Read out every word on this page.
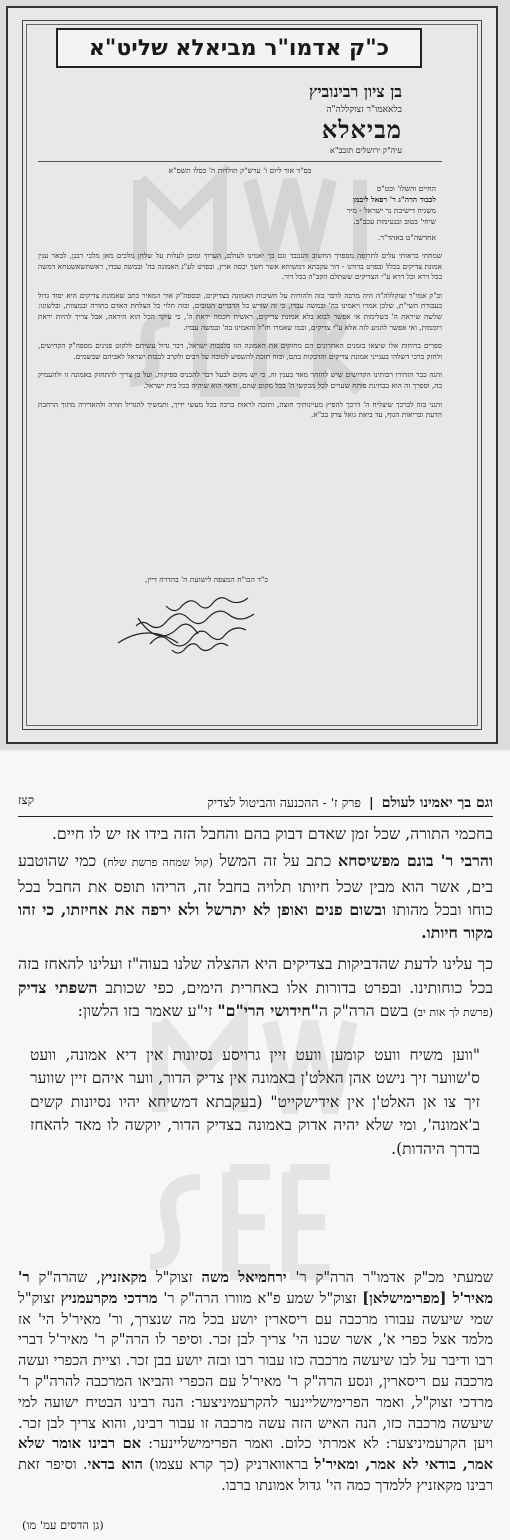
כ"ק אדמו"ר מביאלא שליט"א
בן ציון רבינוביץ
בלאאמו"ר זצוקללה"ה
מביאלא
עיה"ק ירושלים תובב"א
בס"ד אור ליום ו' ערש"ק תולדות ה' כסלו תשס"א
החיים והשלו' וכט"ס
לכבוד הרה"ג ר' רפאל ליבמן
משגיח דישיבת נר ישראל - מיר
שיחי' בטוב ובנעימות עכב"ב.
אחדשה"ט באהד"ר.

שמחתי בראותי עלים לתרופה מספרך החשוב והנכבד וגם בך יאמינו לעולם, הערוך ומוכן לעלות על שלחן מלכים מאן מלכי רבנן, לבאר ענין אמונת צדיקים בכלל ובפרט בדורנו - דור עקבתא דמשיחא אשר חשך יכסה ארץ, ובפרט לע"נ האמונה בה' ובמשה עבדו, ראשתשאשטחא דמשה בכל דרא וכל דרא ע"י הצדיקים ששתלם הקב"ה בכל דור.

וכ"ק אמו"ר זצוקללה"ה היה מרבה לדבר בזה ולהורות על חשיבות האמונה בצדיקים, ובספה"ק אור המאיר כתב שאמונת צדיקים היא יסוד גדול בעבודת השי"ת, שלכן אמרו ויאמינו בה' ובמשה עבדו, כי זה שורש כל הדברים הטובים, ובזה תלוי כל הצלחת האדם בתורה ובמצוות, ובלשונו: שלשה שיראת ה' בשלימות אי אפשר לבוא בלא אמונת צדיקים, ראשית חכמה יראת ה', כי עיקר הכל הוא היראה, אבל צריך להיות יראת רוממות, ואי אפשר להגיע לזה אלא ע"י צדיקים, וכמו שאמרו חז"ל והאמינו בה' ובמשה עבדו.

ספרים ברוחות אלו שיצאו בזמנים האחרונים הם מחזקים את האמונה הזו בלבבות ישראל, דבר גדול עשיתם ללקוט פנינים מספה"ק הקדושים, ולחזק ברכי דשלהי בענייני אמונת צדיקים והדבקות בהם, ובזה תזכה להשפיע לטובה על רבים ולקרב לבבות ישראל לאביהם שבשמים.

והנה כבר הזהירו רבותינו הקדושים שיש להזהר מאד בענין זה, כי יש מקום לבעל דבר להכניס ספיקות, ועל כן צריך להתחזק באמונה זו ולהעמיק בה, וספרך זה הוא בבחינת פותח שערים לכל מבקשי ה' בכל מקום שהם, וראוי הוא שיהיה בכל בית ישראל.

והנני בזה לברכך שיצליח ה' דרכך להפיץ מעיינותיך חוצה, ותזכה לראות ברכה בכל מעשי ידיך, ותמשיך להגדיל תורה ולהאדירה מתוך הרחבת הדעת ובריאות הגוף, עד ביאת גואל צדק בב"א.

כ"ד הכו"ח המצפה לישועת ה' בהדרה דיין,
וגם בך יאמינו לעולם
|
פרק ז' - ההכנעה והביטול לצדיק
קצז

בחכמי התורה, שכל זמן שאדם דבוק בהם והחבל הזה בידו אז יש לו חיים.

והרבי ר' בונם מפשיסחא כתב על זה המשל (קול שמחה פרשת שלח) כמי שהוטבע בים, אשר הוא מבין שכל חיותו תלויה בחבל זה, הריהו תופס את החבל בכל כוחו ובכל מהותו ובשום פנים ואופן לא יתרשל ולא ירפה את אחיזתו, כי זהו מקור חיותו.

כך עלינו לדעת שהדביקות בצדיקים היא ההצלה שלנו בעוה"ז ועלינו להאחז בזה בכל כוחותינו. ובפרט בדורות אלו באחרית הימים, כפי שכותב השפתי צדיק (פרשת לך אות יב) בשם הרה"ק ה"חידושי הרי"ם" זי"ע שאמר בזו הלשון:

"ווען משיח וועט קומען וועט זיין גרויסע נסיונות אין דיא אמונה, וועט ס'שווער זיך נישט אהן האלט'ן באמונה אין צדיק הדור, ווער איהם זיין שווער זיך צו אן האלט'ן אין אידישקייט" (בעקבתא דמשיחא יהיו נסיונות קשים ב'אמונה', ומי שלא יהיה אדוק באמונה בצדיק הדור, יוקשה לו מאד להאחז בדרך היהדות).
שמעתי מכ"ק אדמו"ר הרה"ק ר' ירחמיאל משה זצוק"ל מקאזניץ, שהרה"ק ר' מאיר'ל [מפרימישלאן] זצוק"ל שמע פ"א מוורו הרה"ק ר' מרדכי מקרעמניץ זצוק"ל שמי שיעשה עבורו מרכבה עם ריסארין יושע בכל מה שנצרך, ור' מאיר'ל הי' אז מלמד אצל כפרי א', אשר שכנו הי' צריך לבן זכר. וסיפר לו הרה"ק ר' מאיר'ל דברי רבו ודיבר על לבו שיעשה מרכבה כזו עבור רבו ובזה יושע בבן זכר. וציית הכפרי ועשה מרכבה עם ריסארין, ונסע הרה"ק ר' מאיר'ל עם הכפרי והביאו המרכבה להרה"ק ר' מרדכי זצוק"ל, ואמר הפרימישליינער להקרעמיניצער: הנה רבינו הבטיח ישועה למי שיעשה מרכבה כזו, הנה האיש הזה עשה מרכבה זו עבור רבינו, והוא צריך לבן זכר. ויען הקרעמיניצער: לא אמרתי כלום. ואמר הפרימישליינער: אם רבינו אומר שלא אמר, בודאי לא אמר, ומאיר'ל בראווארניק (כך קרא עצמו) הוא בדאי. וסיפר זאת רבינו מקאזניץ ללמדך כמה הי' גדול אמונתו ברבו.
(גן הדסים עמ' מו)
